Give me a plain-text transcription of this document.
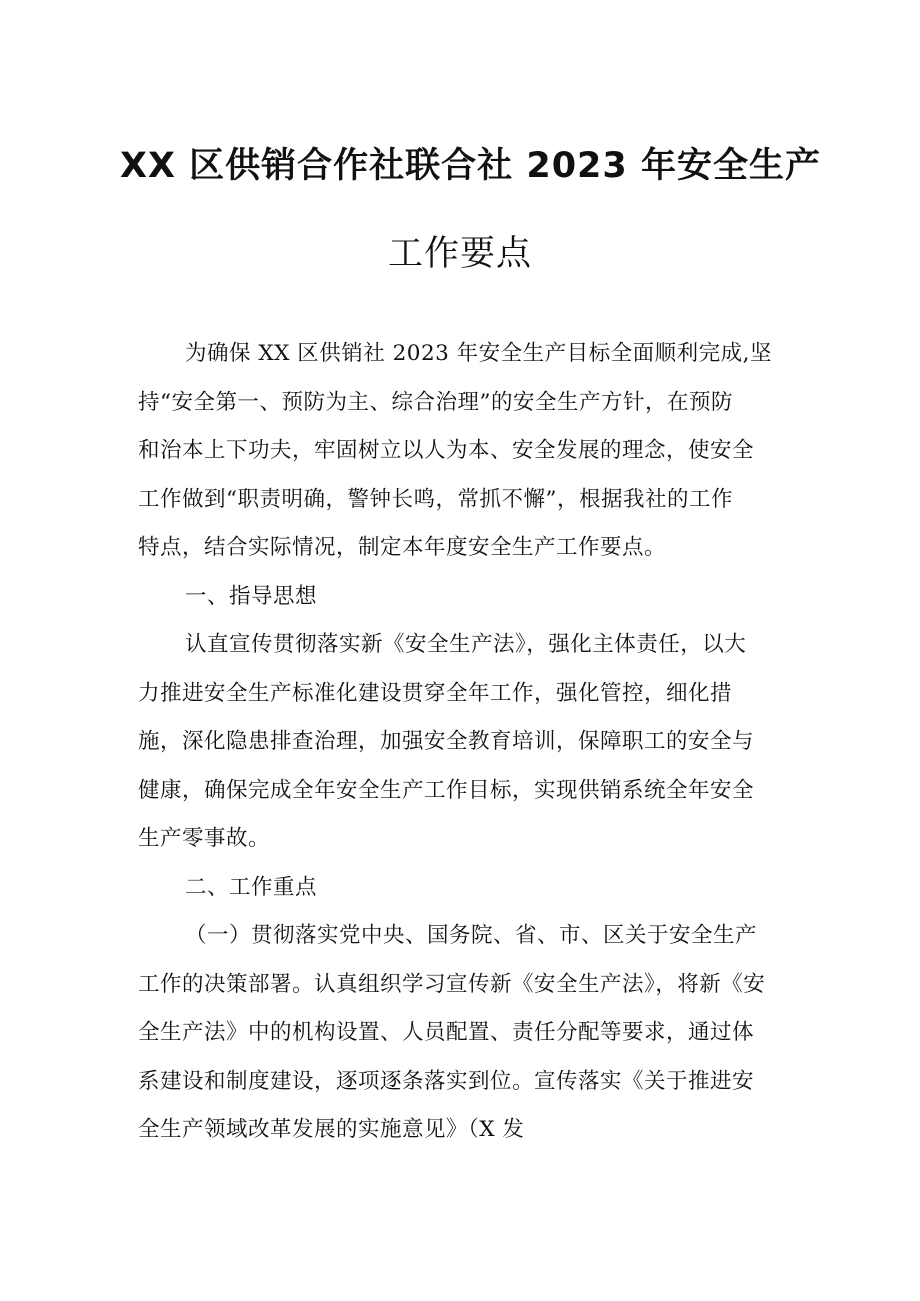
XX 区供销合作社联合社 2023 年安全生产
工作要点
为确保 XX 区供销社 2023 年安全生产目标全面顺利完成,坚
持“安全第一、预防为主、综合治理”的安全生产方针，在预防
和治本上下功夫，牢固树立以人为本、安全发展的理念，使安全
工作做到“职责明确，警钟长鸣，常抓不懈”，根据我社的工作
特点，结合实际情况，制定本年度安全生产工作要点。
一、指导思想
认直宣传贯彻落实新《安全生产法》，强化主体责任，以大
力推进安全生产标准化建设贯穿全年工作，强化管控，细化措
施，深化隐患排查治理，加强安全教育培训，保障职工的安全与
健康，确保完成全年安全生产工作目标，实现供销系统全年安全
生产零事故。
二、工作重点
（一）贯彻落实党中央、国务院、省、市、区关于安全生产
工作的决策部署。认真组织学习宣传新《安全生产法》，将新《安
全生产法》中的机构设置、人员配置、责任分配等要求，通过体
系建设和制度建设，逐项逐条落实到位。宣传落实《关于推进安
全生产领域改革发展的实施意见》（X 发
